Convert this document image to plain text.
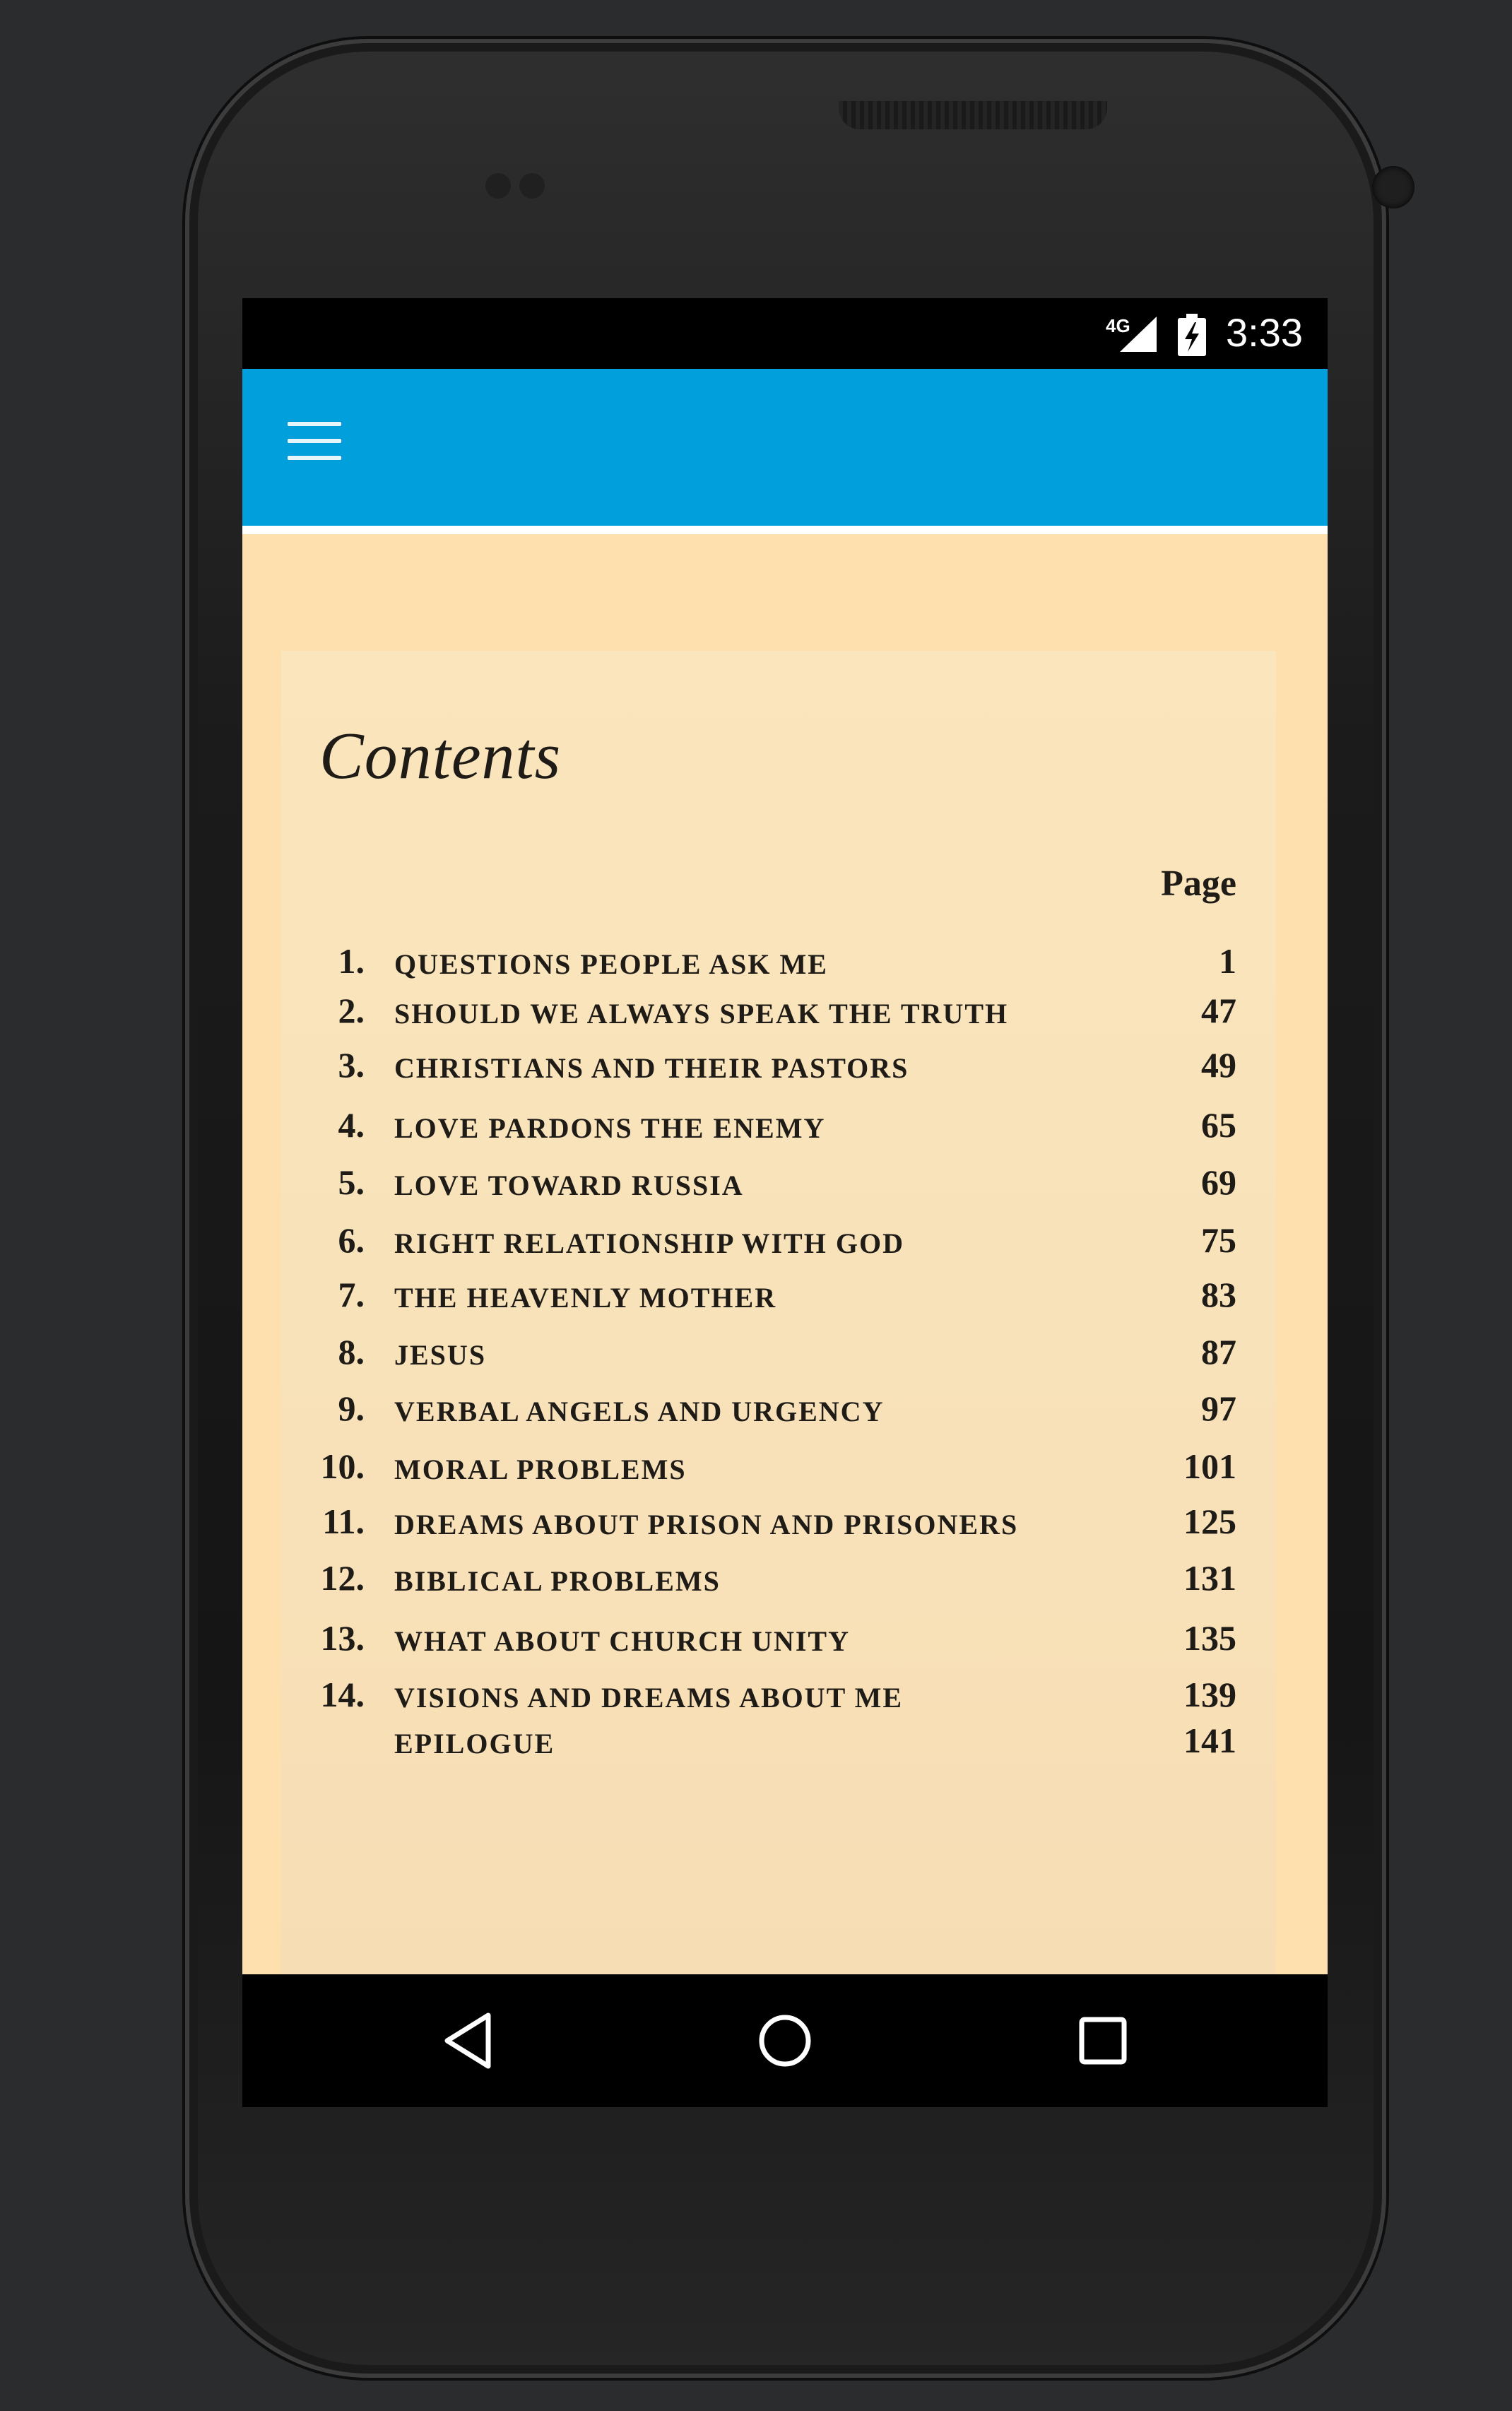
4G 3:33
Contents
Page
1. QUESTIONS PEOPLE ASK ME	1
2. SHOULD WE ALWAYS SPEAK THE TRUTH	47
3. CHRISTIANS AND THEIR PASTORS	49
4. LOVE PARDONS THE ENEMY	65
5. LOVE TOWARD RUSSIA	69
6. RIGHT RELATIONSHIP WITH GOD	75
7. THE HEAVENLY MOTHER	83
8. JESUS	87
9. VERBAL ANGELS AND URGENCY	97
10. MORAL PROBLEMS	101
11. DREAMS ABOUT PRISON AND PRISONERS	125
12. BIBLICAL PROBLEMS	131
13. WHAT ABOUT CHURCH UNITY	135
14. VISIONS AND DREAMS ABOUT ME	139
EPILOGUE	141
